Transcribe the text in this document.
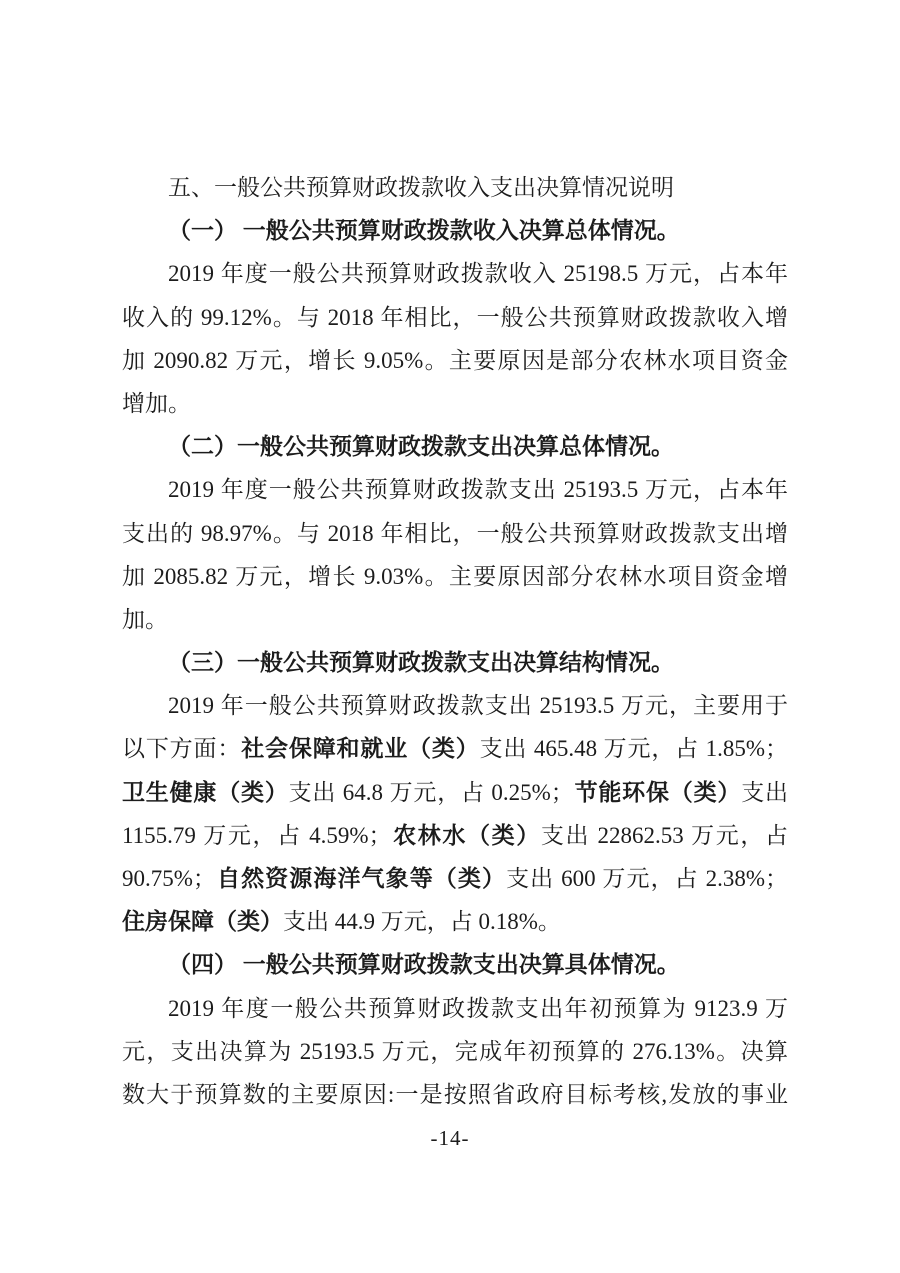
五、一般公共预算财政拨款收入支出决算情况说明
（一） 一般公共预算财政拨款收入决算总体情况。
2019 年度一般公共预算财政拨款收入 25198.5 万元，占本年
收入的 99.12%。与 2018 年相比，一般公共预算财政拨款收入增
加 2090.82 万元，增长 9.05%。主要原因是部分农林水项目资金
增加。
（二）一般公共预算财政拨款支出决算总体情况。
2019 年度一般公共预算财政拨款支出 25193.5 万元，占本年
支出的 98.97%。与 2018 年相比，一般公共预算财政拨款支出增
加 2085.82 万元，增长 9.03%。主要原因部分农林水项目资金增
加。
（三）一般公共预算财政拨款支出决算结构情况。
2019 年一般公共预算财政拨款支出 25193.5 万元，主要用于
以下方面：社会保障和就业（类）支出 465.48 万元，占 1.85%；
卫生健康（类）支出 64.8 万元，占 0.25%；节能环保（类）支出
1155.79 万元，占 4.59%；农林水（类）支出 22862.53 万元，占
90.75%；自然资源海洋气象等（类）支出 600 万元，占 2.38%；
住房保障（类）支出 44.9 万元，占 0.18%。
（四） 一般公共预算财政拨款支出决算具体情况。
2019 年度一般公共预算财政拨款支出年初预算为 9123.9 万
元，支出决算为 25193.5 万元，完成年初预算的 276.13%。决算
数大于预算数的主要原因:一是按照省政府目标考核,发放的事业
-14-
